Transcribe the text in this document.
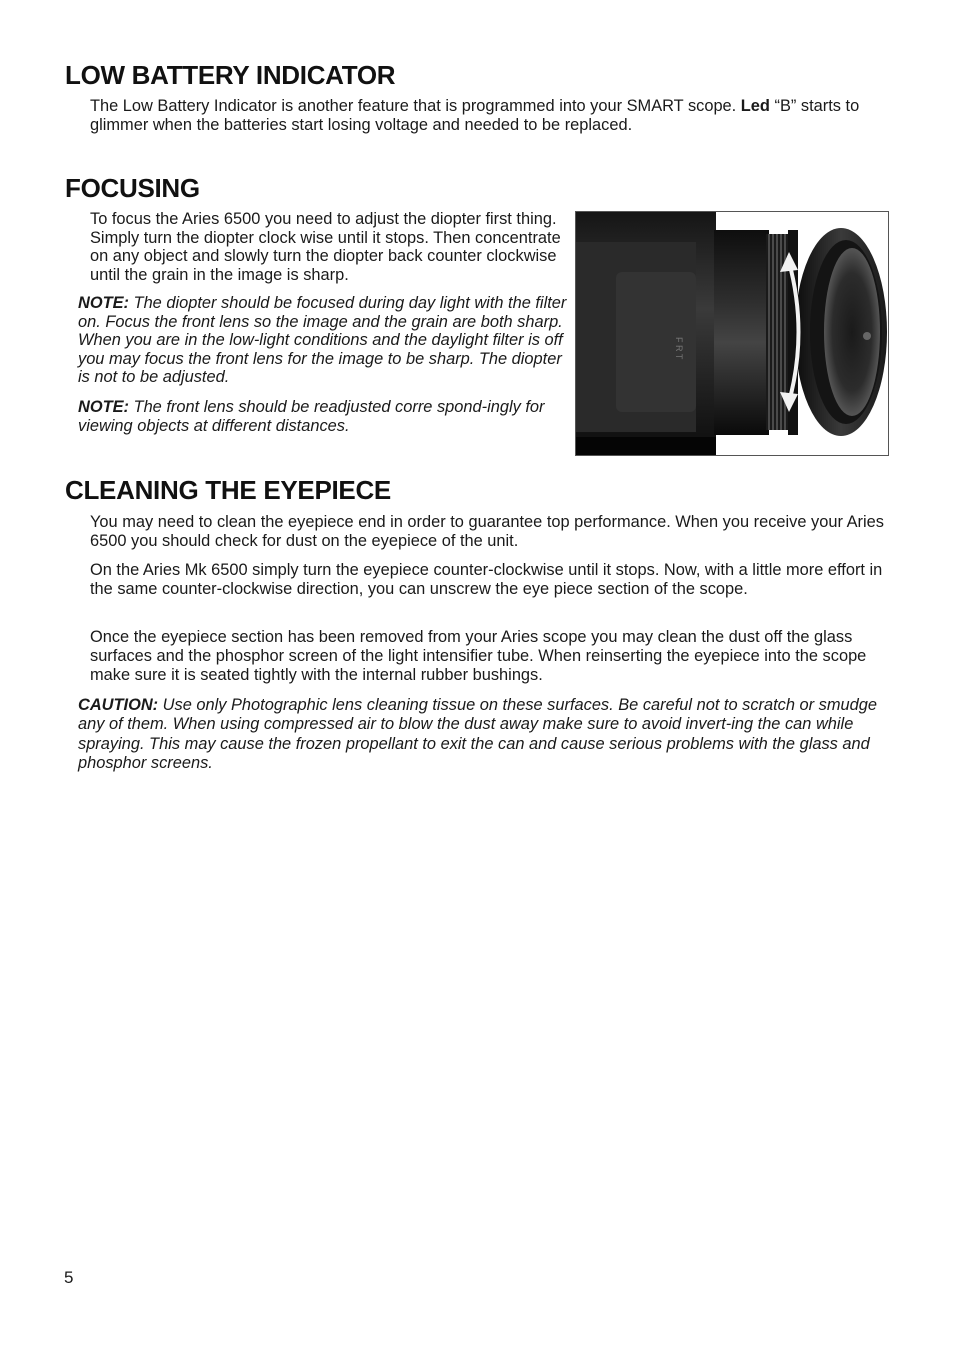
LOW BATTERY INDICATOR

The Low Battery Indicator is another feature that is programmed into your SMART scope. Led “B” starts to glimmer when the batteries start losing voltage and needed to be replaced.

FOCUSING

To focus the Aries 6500 you need to adjust the diopter first thing. Simply turn the diopter clock wise until it stops. Then concentrate on any object and slowly turn the diopter back counter clockwise until the grain in the image is sharp.

NOTE: The diopter should be focused during day light with the filter on. Focus the front lens so the image and the grain are both sharp. When you are in the low-light conditions and the daylight filter is off you may focus the front lens for the image to be sharp. The diopter is not to be adjusted.

NOTE: The front lens should be readjusted corre spond-ingly for viewing objects at different distances.

F R T
CLEANING THE EYEPIECE

You may need to clean the eyepiece end in order to guarantee top performance. When you receive your Aries 6500 you should check for dust on the eyepiece of the unit.

On the Aries Mk 6500 simply turn the eyepiece counter-clockwise until it stops. Now, with a little more effort in the same counter-clockwise direction, you can unscrew the eye piece section of the scope.

Once the eyepiece section has been removed from your Aries scope you may clean the dust off the glass surfaces and the phosphor screen of the light intensifier tube. When reinserting the eyepiece into the scope make sure it is seated tightly with the internal rubber bushings.

CAUTION: Use only Photographic lens cleaning tissue on these surfaces. Be careful not to scratch or smudge any of them. When using compressed air to blow the dust away make sure to avoid invert-ing the can while spraying. This may cause the frozen propellant to exit the can and cause serious problems with the glass and phosphor screens.

5
